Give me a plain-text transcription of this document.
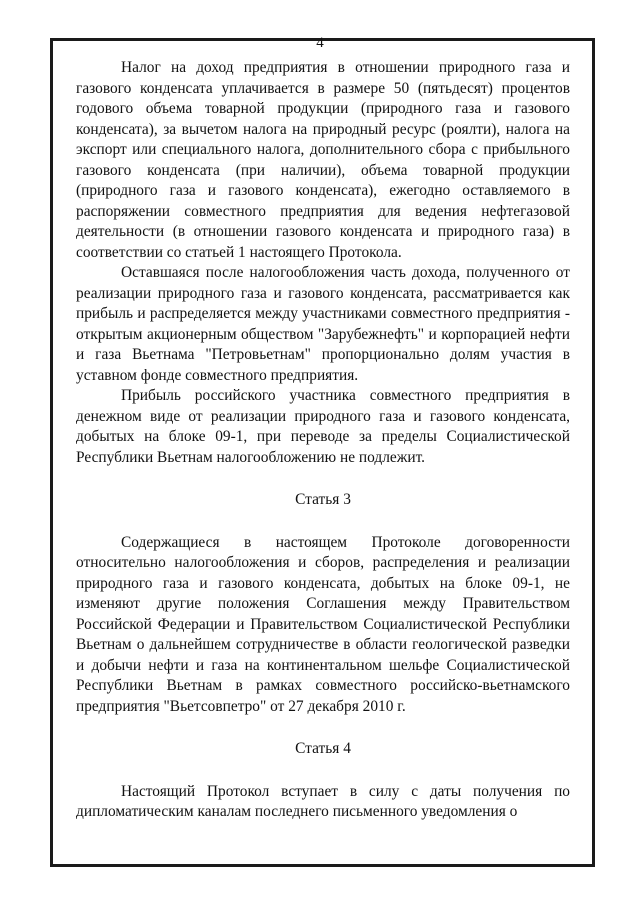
4

Налог на доход предприятия в отношении природного газа и газового конденсата уплачивается в размере 50 (пятьдесят) процентов годового объема товарной продукции (природного газа и газового конденсата), за вычетом налога на природный ресурс (роялти), налога на экспорт или специального налога, дополнительного сбора с прибыльного газового конденсата (при наличии), объема товарной продукции (природного газа и газового конденсата), ежегодно оставляемого в распоряжении совместного предприятия для ведения нефтегазовой деятельности (в отношении газового конденсата и природного газа) в соответствии со статьей 1 настоящего Протокола.

Оставшаяся после налогообложения часть дохода, полученного от реализации природного газа и газового конденсата, рассматривается как прибыль и распределяется между участниками совместного предприятия - открытым акционерным обществом "Зарубежнефть" и корпорацией нефти и газа Вьетнама "Петровьетнам" пропорционально долям участия в уставном фонде совместного предприятия.

Прибыль российского участника совместного предприятия в денежном виде от реализации природного газа и газового конденсата, добытых на блоке 09-1, при переводе за пределы Социалистической Республики Вьетнам налогообложению не подлежит.

Статья 3

Содержащиеся в настоящем Протоколе договоренности относительно налогообложения и сборов, распределения и реализации природного газа и газового конденсата, добытых на блоке 09-1, не изменяют другие положения Соглашения между Правительством Российской Федерации и Правительством Социалистической Республики Вьетнам о дальнейшем сотрудничестве в области геологической разведки и добычи нефти и газа на континентальном шельфе Социалистической Республики Вьетнам в рамках совместного российско-вьетнамского предприятия "Вьетсовпетро" от 27 декабря 2010 г.

Статья 4

Настоящий Протокол вступает в силу с даты получения по дипломатическим каналам последнего письменного уведомления о
